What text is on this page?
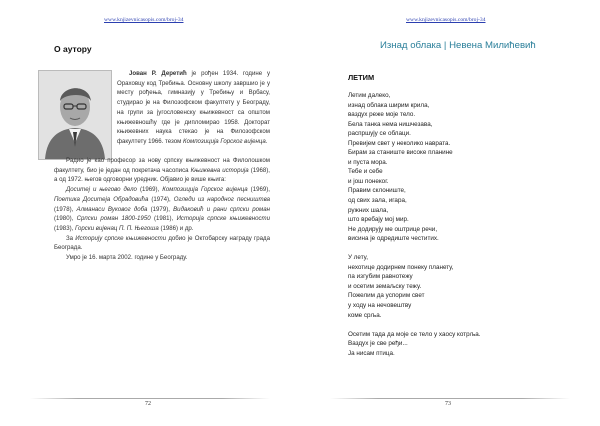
www.knjizevnicasopis.com/broj-34
О аутору

Јован Р. Деретић је рођен 1934. године у Ораховцу код Требиња. Основну школу завршио је у месту рођења, гимназију у Требињу и Врбасу, студирао је на Филозофском факултету у Београду, на групи за југословенску књижевност са општом књижевношћу где је дипломирао 1958. Докторат књижевних наука стекао је на Филозофском факултету 1966. тезом Композиција Горског вијенца.

Радио је као професор за нову српску књижевност на Филолошком факултету, био је један од покретача часописа Књижевна историја (1968), а од 1972. његов одговорни уредник. Објавио је више књига:

Доситеј и његово дело (1969), Композиција Горског вијенца (1969), Поетика Доситеја Обрадовића (1974), Огледи из народног песништва (1978), Алманаси Вуковог доба (1979), Видаковић и рани српски роман (1980), Српски роман 1800-1950 (1981), Историја српске књижевности (1983), Горски вијенац П. П. Његоша (1986) и др.

За Историју српске књижевности добио је Октобарску награду града Београда.

Умро је 16. марта 2002. године у Београду.

72
www.knjizevnicasopis.com/broj-34
Изнад облака | Невена Милићевић
ЛЕТИМ
Летим далеко,
изнад облака ширим крила,
ваздух реже моје тело.
Бела танка нема нишчезава,
распршују се облаци.
Превијем свет у неколико наврата.
Бирам за станиште високе планине
и пуста мора.
Тебе и себе
и још понеког.
Правим склониште,
од свих зала, игара,
ружних шала,
што вребају мој мир.
Не додирују ме оштрице речи,
висина је одредиште честитих.
У лету,
нехотице додирнем понеку планету,
па изгубим равнотежу
и осетим земаљску тежу.
Пожелим да успорим свет
у ходу на нечовештву
коме срља.
Осетим тада да моје се тело у хаосу котрља.
Ваздух је све ређи...
Ја нисам птица.
73
